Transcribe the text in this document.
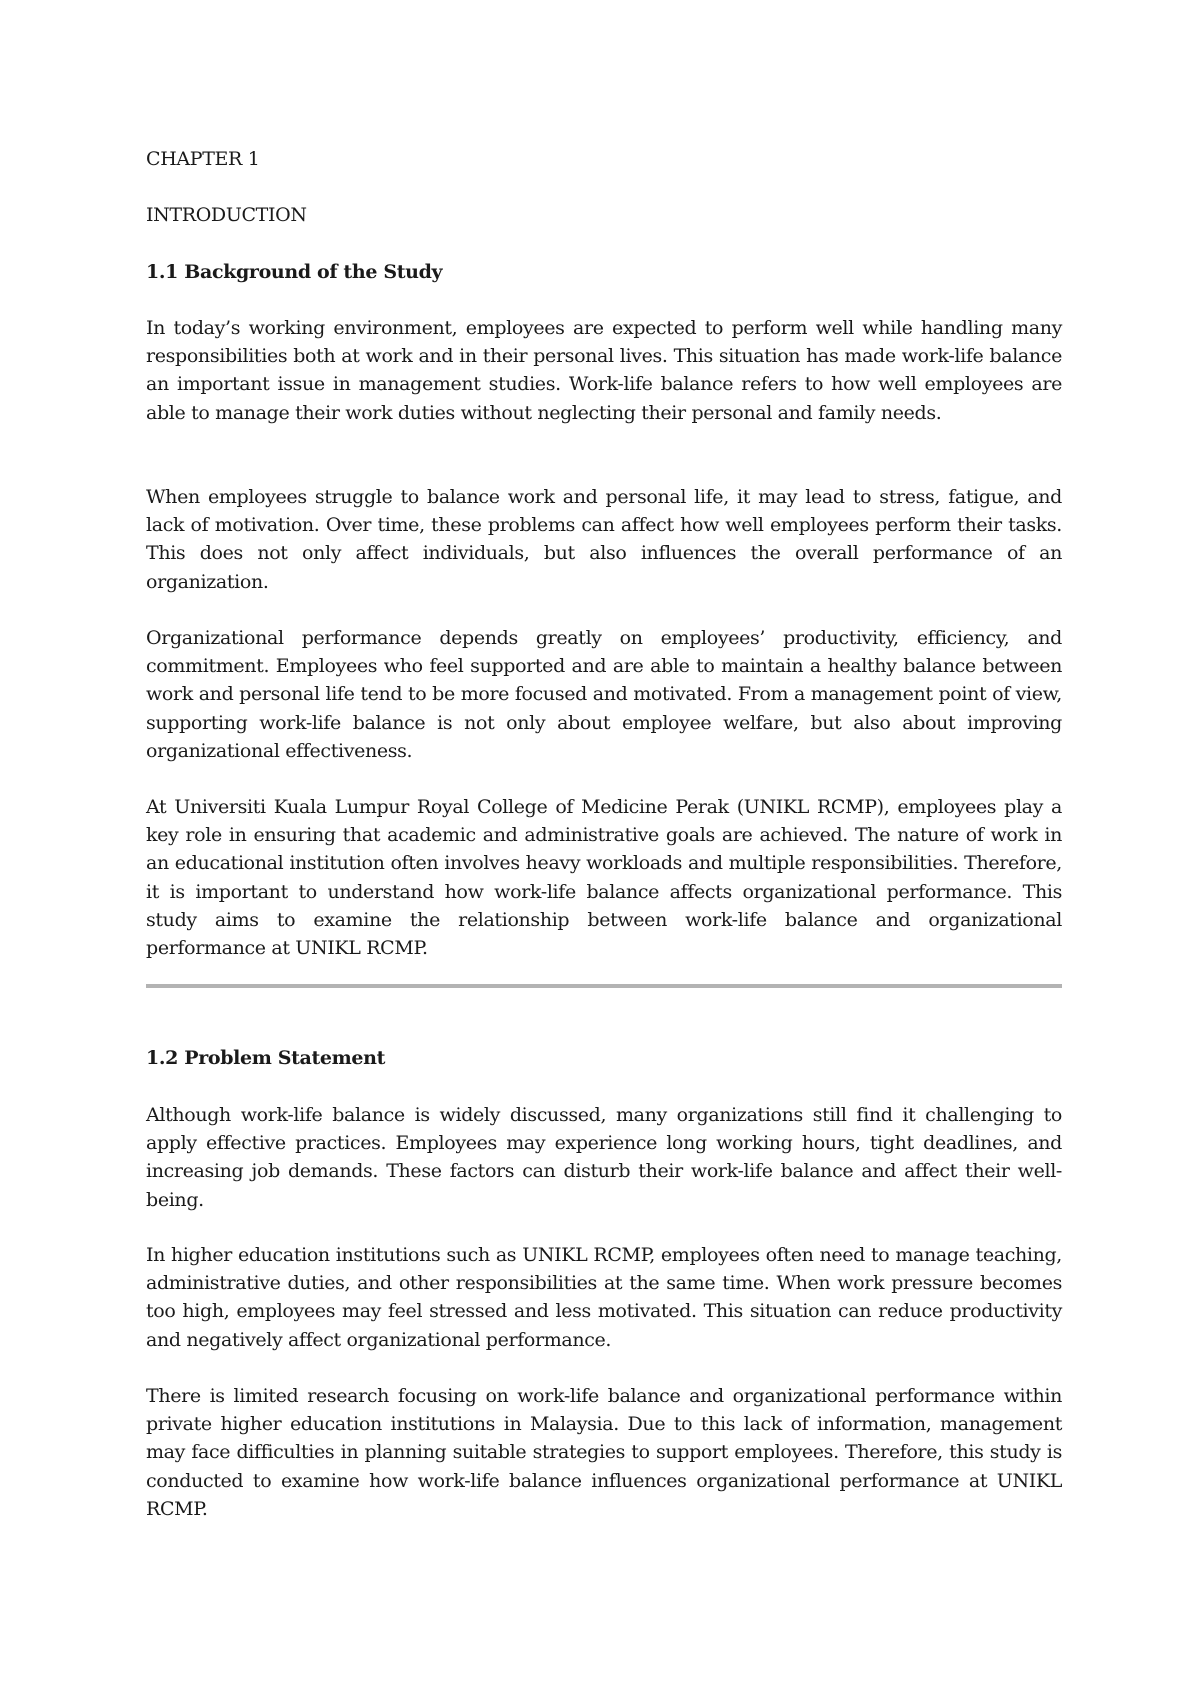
CHAPTER 1
INTRODUCTION
1.1 Background of the Study

In today’s working environment, employees are expected to perform well while handling many responsibilities both at work and in their personal lives. This situation has made work-life balance an important issue in management studies. Work-life balance refers to how well employees are able to manage their work duties without neglecting their personal and family needs.

When employees struggle to balance work and personal life, it may lead to stress, fatigue, and lack of motivation. Over time, these problems can affect how well employees perform their tasks. This does not only affect individuals, but also influences the overall performance of an organization.

Organizational performance depends greatly on employees’ productivity, efficiency, and commitment. Employees who feel supported and are able to maintain a healthy balance between work and personal life tend to be more focused and motivated. From a management point of view, supporting work-life balance is not only about employee welfare, but also about improving organizational effectiveness.

At Universiti Kuala Lumpur Royal College of Medicine Perak (UNIKL RCMP), employees play a key role in ensuring that academic and administrative goals are achieved. The nature of work in an educational institution often involves heavy workloads and multiple responsibilities. Therefore, it is important to understand how work-life balance affects organizational performance. This study aims to examine the relationship between work-life balance and organizational performance at UNIKL RCMP.

1.2 Problem Statement

Although work-life balance is widely discussed, many organizations still find it challenging to apply effective practices. Employees may experience long working hours, tight deadlines, and increasing job demands. These factors can disturb their work-life balance and affect their well-being.

In higher education institutions such as UNIKL RCMP, employees often need to manage teaching, administrative duties, and other responsibilities at the same time. When work pressure becomes too high, employees may feel stressed and less motivated. This situation can reduce productivity and negatively affect organizational performance.

There is limited research focusing on work-life balance and organizational performance within private higher education institutions in Malaysia. Due to this lack of information, management may face difficulties in planning suitable strategies to support employees. Therefore, this study is conducted to examine how work-life balance influences organizational performance at UNIKL RCMP.
